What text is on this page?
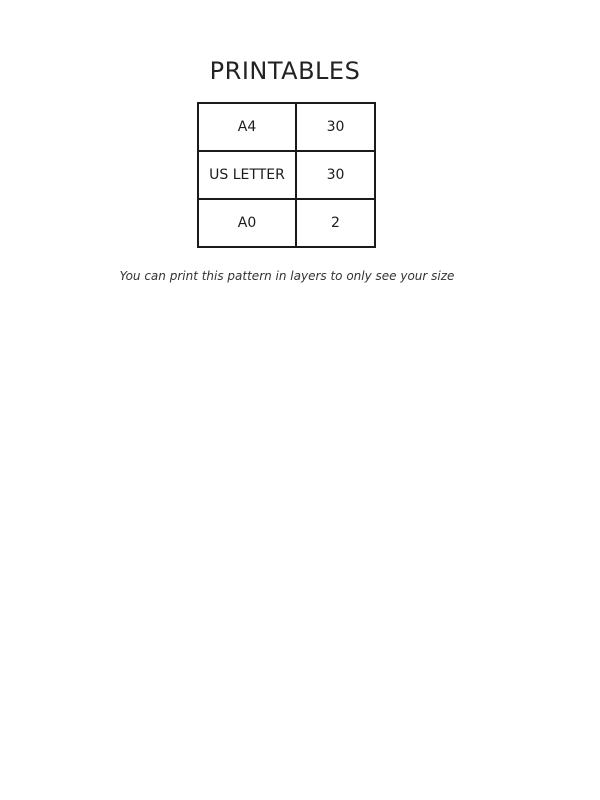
PRINTABLES
A4	30
US LETTER	30
A0	2

You can print this pattern in layers to only see your size
